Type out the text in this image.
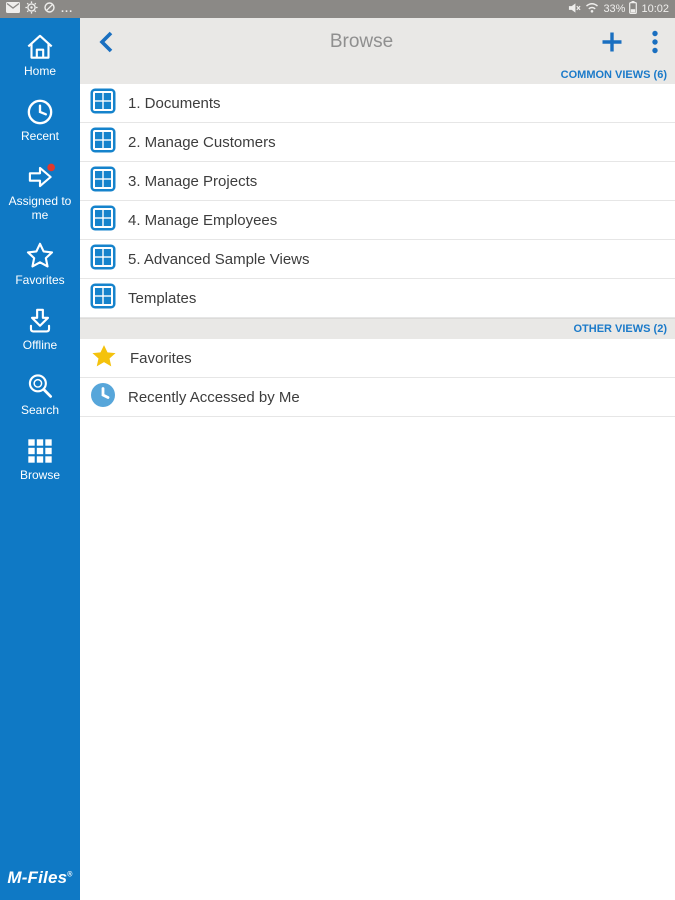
...	33% 10:02
Home
Recent
Assigned to me
Favorites
Offline
Search
Browse
M-Files®
Browse
COMMON VIEWS (6)
1. Documents
2. Manage Customers
3. Manage Projects
4. Manage Employees
5. Advanced Sample Views
Templates
OTHER VIEWS (2)
Favorites
Recently Accessed by Me
